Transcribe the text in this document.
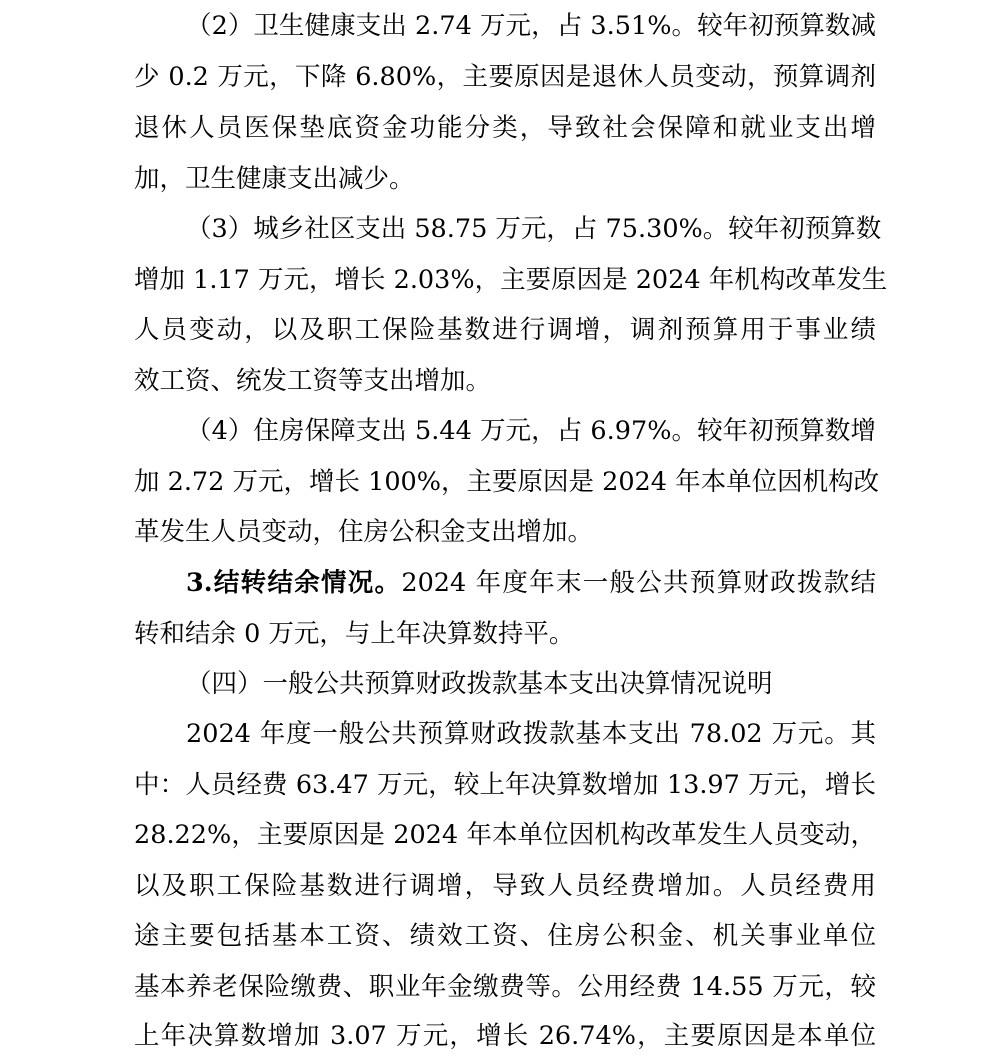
（2）卫生健康支出 2.74 万元，占 3.51%。较年初预算数减
少 0.2 万元，下降 6.80%，主要原因是退休人员变动，预算调剂
退休人员医保垫底资金功能分类，导致社会保障和就业支出增
加，卫生健康支出减少。
（3）城乡社区支出 58.75 万元，占 75.30%。较年初预算数
增加 1.17 万元，增长 2.03%，主要原因是 2024 年机构改革发生
人员变动，以及职工保险基数进行调增，调剂预算用于事业绩
效工资、统发工资等支出增加。
（4）住房保障支出 5.44 万元，占 6.97%。较年初预算数增
加 2.72 万元，增长 100%，主要原因是 2024 年本单位因机构改
革发生人员变动，住房公积金支出增加。
3.结转结余情况。2024 年度年末一般公共预算财政拨款结
转和结余 0 万元，与上年决算数持平。
（四）一般公共预算财政拨款基本支出决算情况说明
2024 年度一般公共预算财政拨款基本支出 78.02 万元。其
中：人员经费 63.47 万元，较上年决算数增加 13.97 万元，增长
28.22%，主要原因是 2024 年本单位因机构改革发生人员变动，
以及职工保险基数进行调增，导致人员经费增加。人员经费用
途主要包括基本工资、绩效工资、住房公积金、机关事业单位
基本养老保险缴费、职业年金缴费等。公用经费 14.55 万元，较
上年决算数增加 3.07 万元，增长 26.74%，主要原因是本单位
